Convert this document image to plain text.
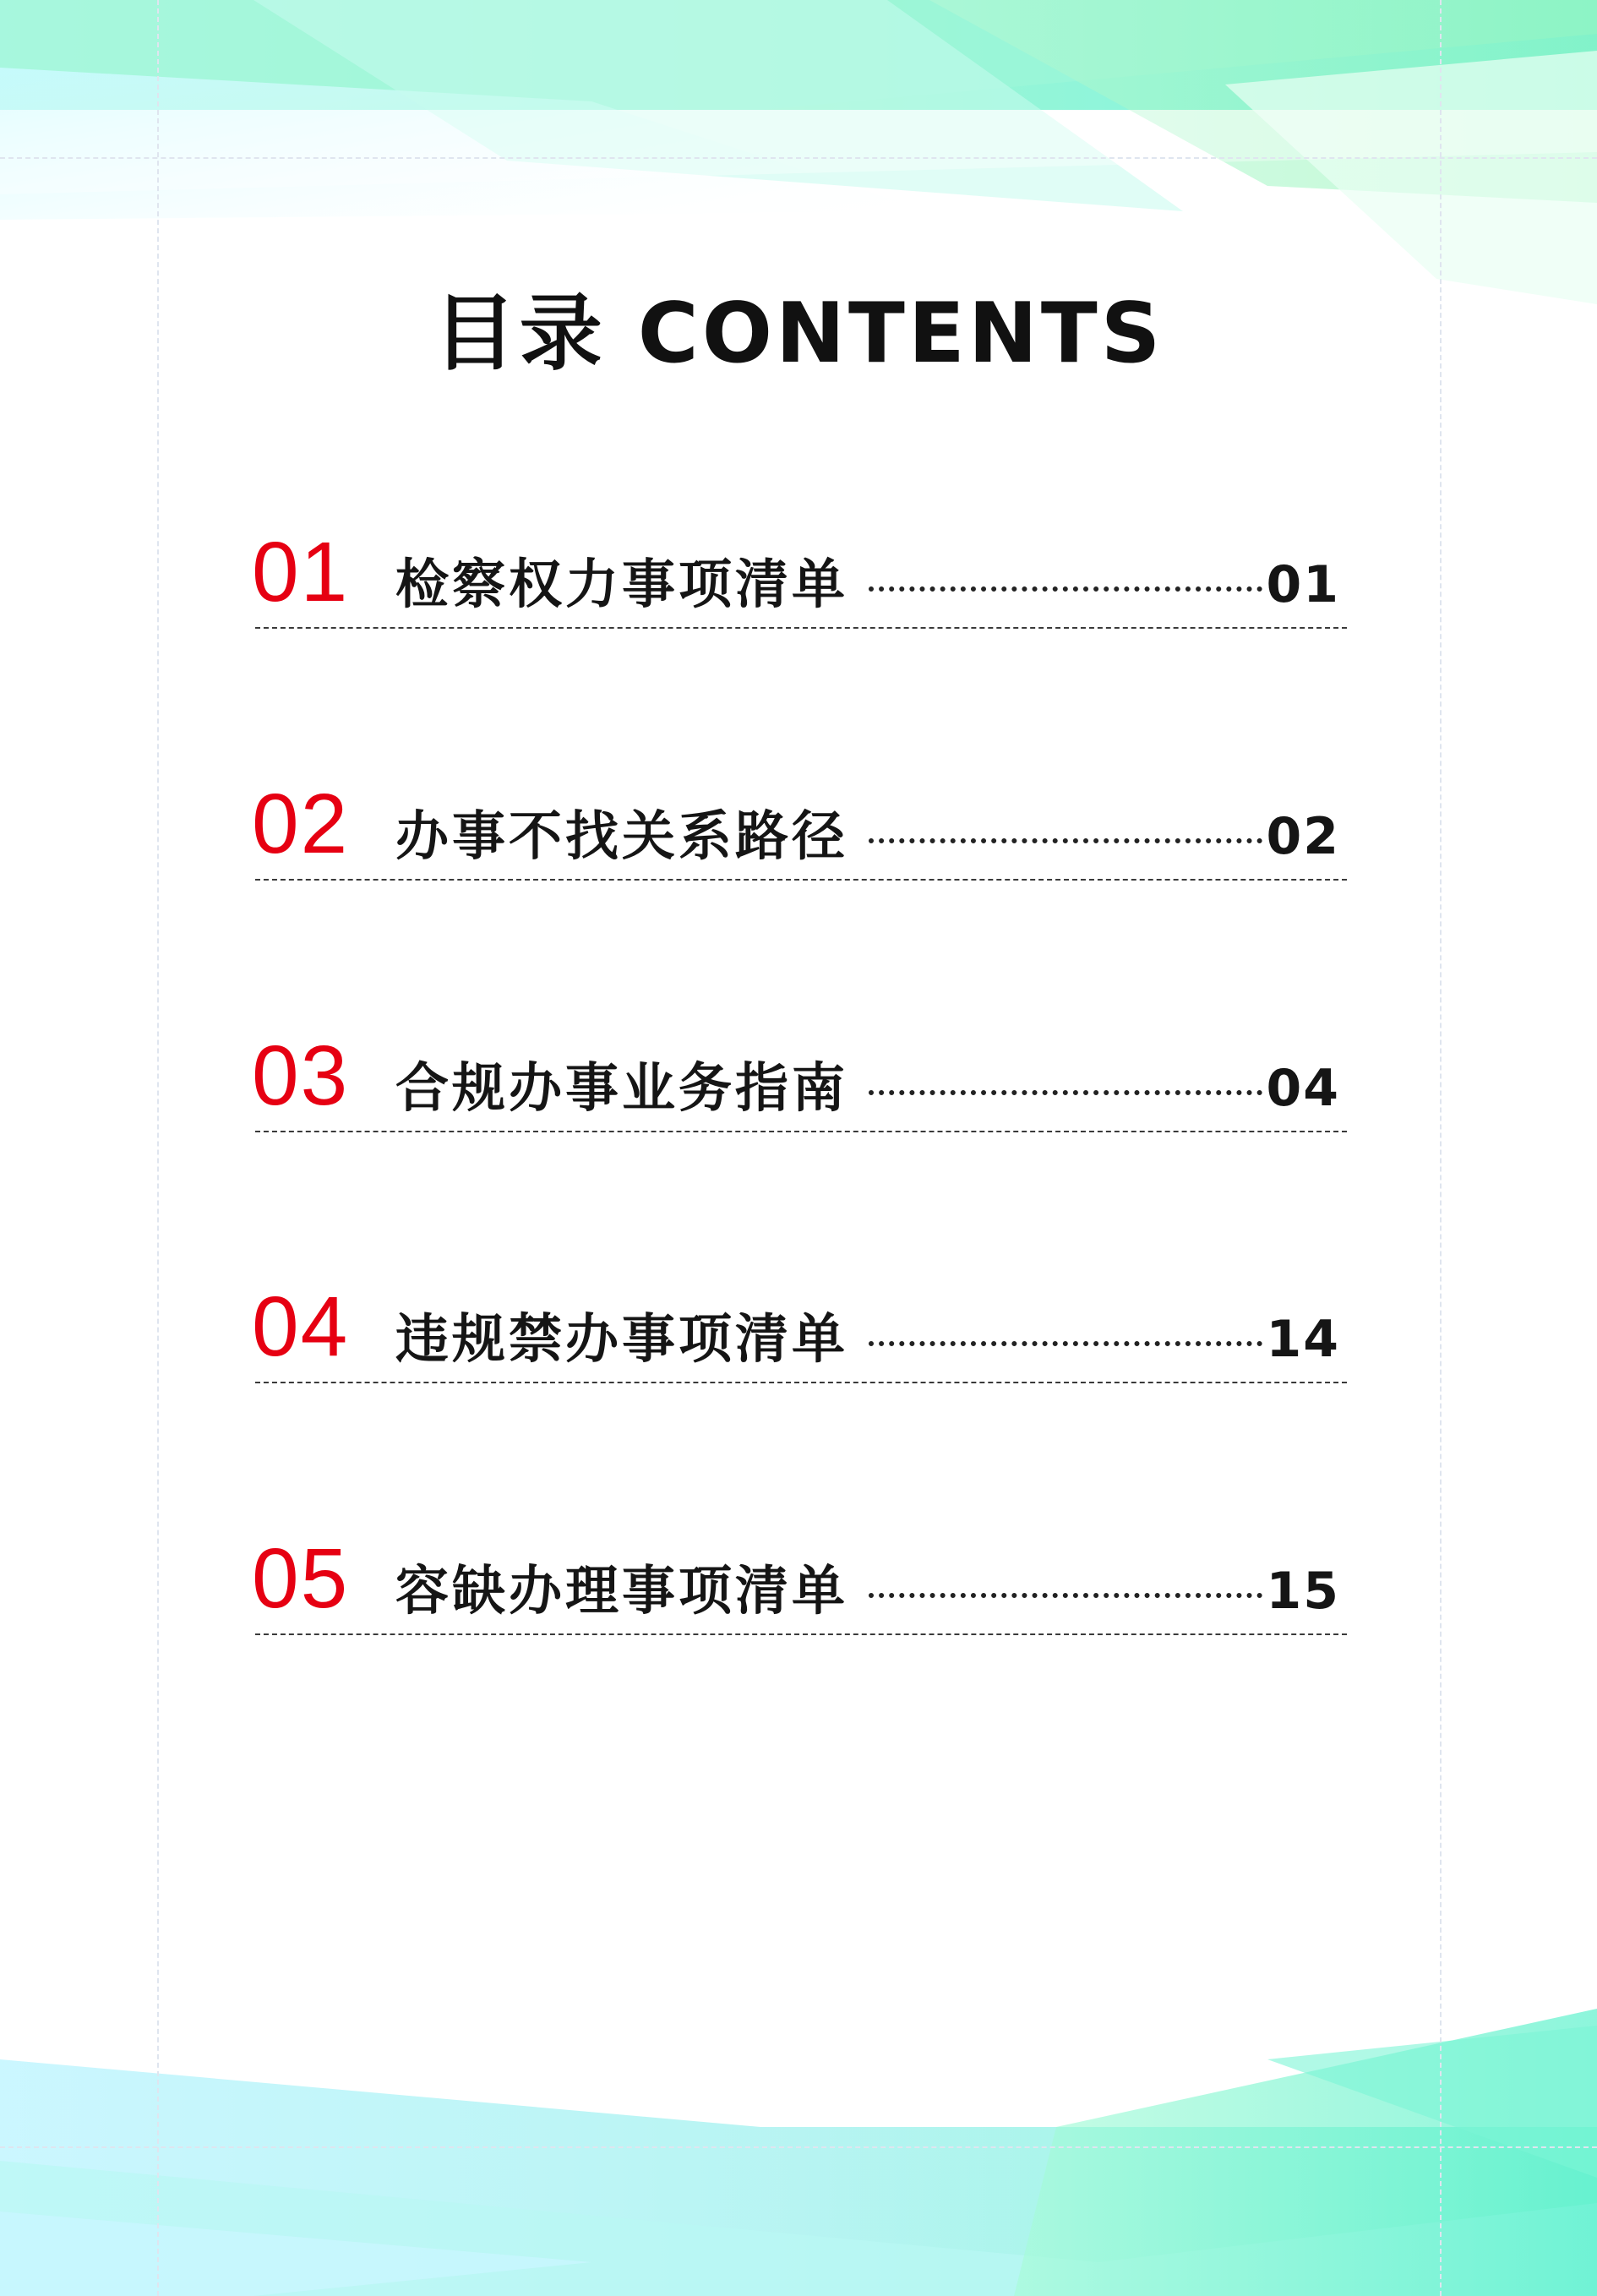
目录 CONTENTS
01 检察权力事项清单	01
02 办事不找关系路径	02
03 合规办事业务指南	04
04 违规禁办事项清单	14
05 容缺办理事项清单	15
